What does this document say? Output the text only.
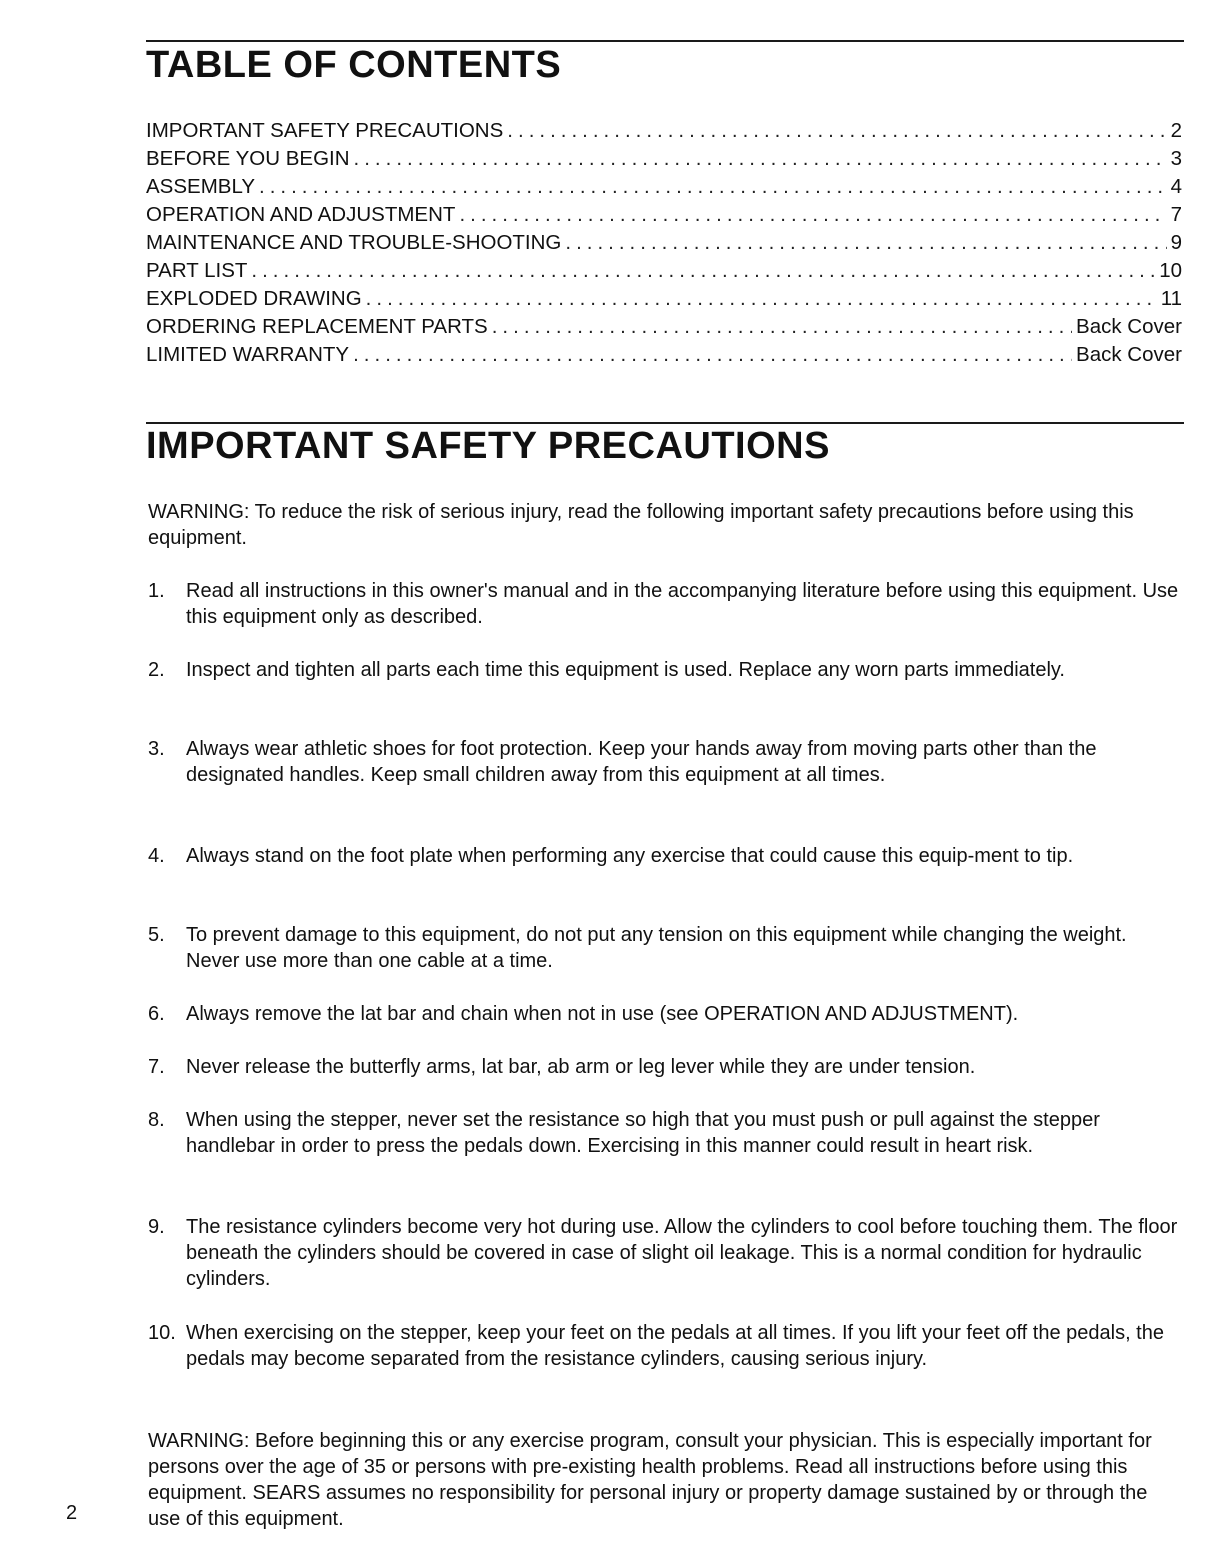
TABLE OF CONTENTS
IMPORTANT SAFETY PRECAUTIONS .....	2
BEFORE YOU BEGIN .....	3
ASSEMBLY .....	4
OPERATION AND ADJUSTMENT .....	7
MAINTENANCE AND TROUBLE-SHOOTING .....	9
PART LIST .....	10
EXPLODED DRAWING .....	11
ORDERING REPLACEMENT PARTS .....	Back Cover
LIMITED WARRANTY .....	Back Cover
IMPORTANT SAFETY PRECAUTIONS

WARNING: To reduce the risk of serious injury, read the following important safety precautions before using this equipment.

1.	Read all instructions in this owner's manual and in the accompanying literature before using this equipment. Use this equipment only as described.
2.	Inspect and tighten all parts each time this equipment is used. Replace any worn parts immediately.
3.	Always wear athletic shoes for foot protection. Keep your hands away from moving parts other than the designated handles. Keep small children away from this equipment at all times.
4.	Always stand on the foot plate when performing any exercise that could cause this equip-ment to tip.
5.	To prevent damage to this equipment, do not put any tension on this equipment while changing the weight. Never use more than one cable at a time.
6.	Always remove the lat bar and chain when not in use (see OPERATION AND ADJUSTMENT).
7.	Never release the butterfly arms, lat bar, ab arm or leg lever while they are under tension.
8.	When using the stepper, never set the resistance so high that you must push or pull against the stepper handlebar in order to press the pedals down. Exercising in this manner could result in heart risk.
9.	The resistance cylinders become very hot during use. Allow the cylinders to cool before touching them. The floor beneath the cylinders should be covered in case of slight oil leakage. This is a normal condition for hydraulic cylinders.
10. When exercising on the stepper, keep your feet on the pedals at all times. If you lift your feet off the pedals, the pedals may become separated from the resistance cylinders, causing serious injury.

WARNING: Before beginning this or any exercise program, consult your physician. This is especially important for persons over the age of 35 or persons with pre-existing health problems. Read all instructions before using this equipment. SEARS assumes no responsibility for personal injury or property damage sustained by or through the use of this equipment.

2
